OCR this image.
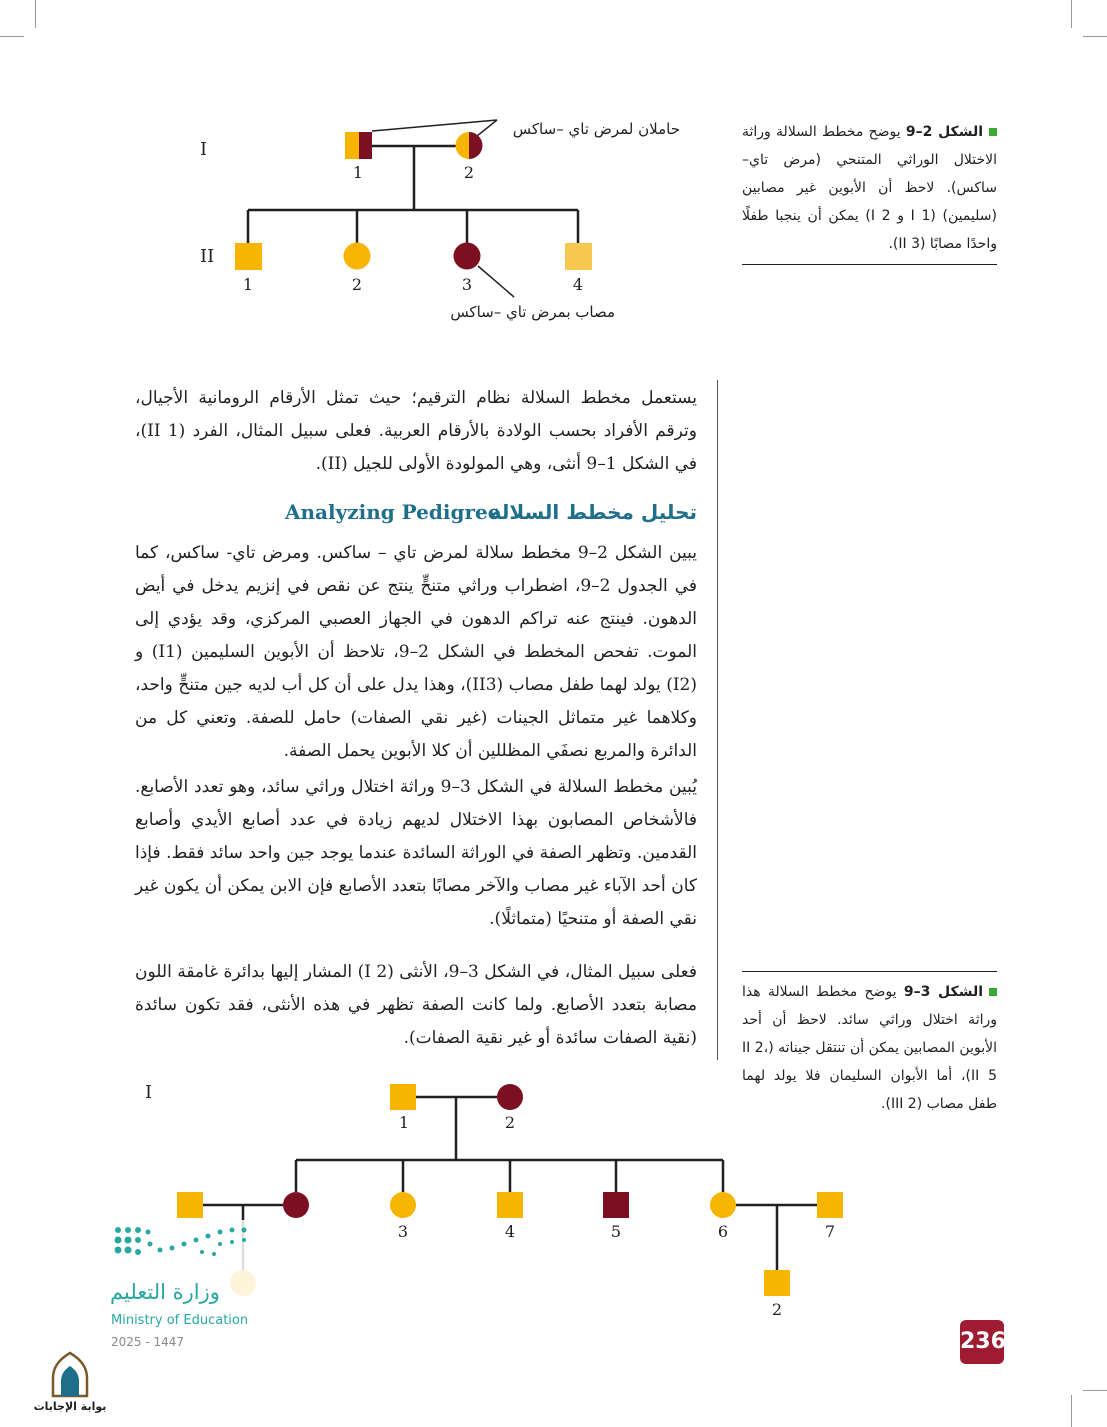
I
II
1	2
1	2	3	4
حاملان لمرض تاي –ساكس
مصاب بمرض تاي –ساكس
الشكل 2–9 يوضح مخطط السلالة وراثة الاختلال الوراثي المتنحي (مرض تاي–ساكس). لاحظ أن الأبوين غير مصابين (سليمين) (I 1 و I 2) يمكن أن ينجبا طفلًا واحدًا مصابًا (II 3).
يستعمل مخطط السلالة نظام الترقيم؛ حيث تمثل الأرقام الرومانية الأجيال، وترقم الأفراد بحسب الولادة بالأرقام العربية. فعلى سبيل المثال، الفرد (II 1)، في الشكل 1–9 أنثى، وهي المولودة الأولى للجيل (II).
Analyzing Pedigree
تحليل مخطط السلالة
يبين الشكل 2–9 مخطط سلالة لمرض تاي – ساكس. ومرض تاي- ساكس، كما في الجدول 2–9، اضطراب وراثي متنحٍّ ينتج عن نقص في إنزيم يدخل في أيض الدهون. فينتج عنه تراكم الدهون في الجهاز العصبي المركزي، وقد يؤدي إلى الموت. تفحص المخطط في الشكل 2–9، تلاحظ أن الأبوين السليمين (I1) و (I2) يولد لهما طفل مصاب (II3)، وهذا يدل على أن كل أب لديه جين متنحٍّ واحد، وكلاهما غير متماثل الجينات (غير نقي الصفات) حامل للصفة. وتعني كل من الدائرة والمربع نصفَي المظللين أن كلا الأبوين يحمل الصفة.
يُبين مخطط السلالة في الشكل 3–9 وراثة اختلال وراثي سائد، وهو تعدد الأصابع. فالأشخاص المصابون بهذا الاختلال لديهم زيادة في عدد أصابع الأيدي وأصابع القدمين. وتظهر الصفة في الوراثة السائدة عندما يوجد جين واحد سائد فقط. فإذا كان أحد الآباء غير مصاب والآخر مصابًا بتعدد الأصابع فإن الابن يمكن أن يكون غير نقي الصفة أو متنحيًا (متماثلًا).
فعلى سبيل المثال، في الشكل 3–9، الأنثى (I 2) المشار إليها بدائرة غامقة اللون مصابة بتعدد الأصابع. ولما كانت الصفة تظهر في هذه الأنثى، فقد تكون سائدة (نقية الصفات سائدة أو غير نقية الصفات).
الشكل 3–9 يوضح مخطط السلالة هذا وراثة اختلال وراثي سائد. لاحظ أن أحد الأبوين المصابين يمكن أن تنتقل جيناته (II 2، II 5)، أما الأبوان السليمان فلا يولد لهما طفل مصاب (III 2).
I
1	2
3	4	5	6	7
2
وزارة التعليم
Ministry of Education
2025 - 1447	236
بوابة الإجابات
